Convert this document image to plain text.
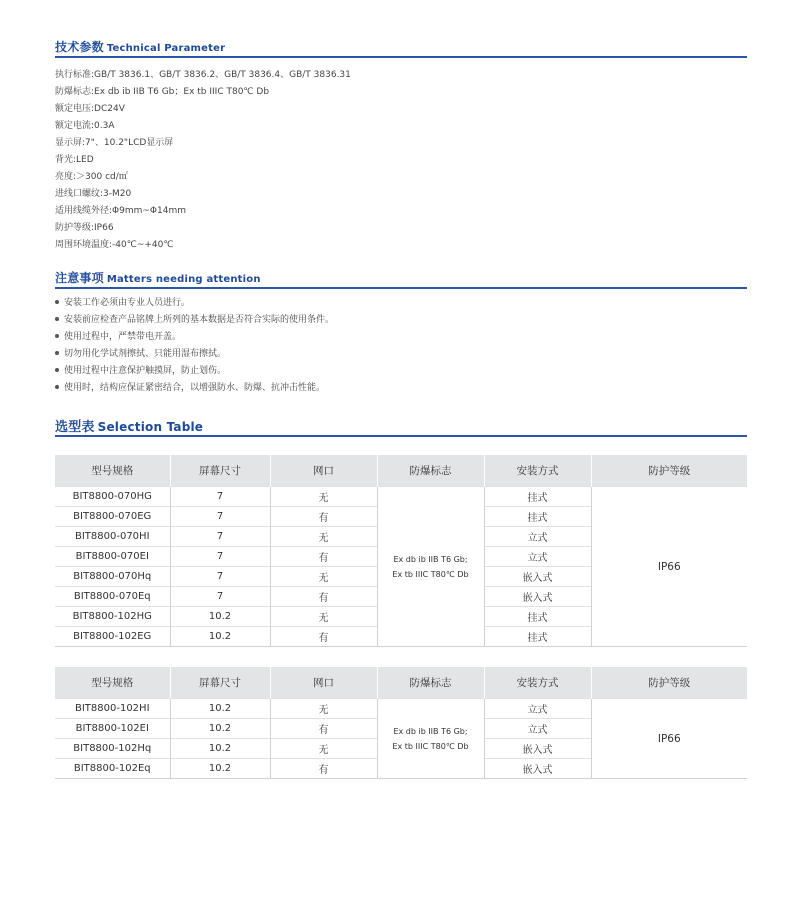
技术参数 Technical Parameter
执行标准:GB/T 3836.1、GB/T 3836.2、GB/T 3836.4、GB/T 3836.31
防爆标志:Ex db ib IIB T6 Gb；Ex tb IIIC T80℃ Db
额定电压:DC24V
额定电流:0.3A
显示屏:7"、10.2"LCD显示屏
背光:LED
亮度:＞300 cd/㎡
进线口螺纹:3-M20
适用线缆外径:Φ9mm~Φ14mm
防护等级:IP66
周围环境温度:-40℃~+40℃
注意事项 Matters needing attention
安装工作必须由专业人员进行。
安装前应检查产品铭牌上所列的基本数据是否符合实际的使用条件。
使用过程中，严禁带电开盖。
切勿用化学试剂擦拭、只能用湿布擦拭。
使用过程中注意保护触摸屏，防止划伤。
使用时，结构应保证紧密结合，以增强防水、防爆、抗冲击性能。
选型表 Selection Table
型号规格	屏幕尺寸	网口	防爆标志	安装方式	防护等级
BIT8800-070HG	7	无	Ex db ib IIB T6 Gb;
Ex tb IIIC T80℃ Db	挂式	IP66
BIT8800-070EG	7	有		挂式	
BIT8800-070HI	7	无		立式	
BIT8800-070EI	7	有		立式	
BIT8800-070Hq	7	无		嵌入式	
BIT8800-070Eq	7	有		嵌入式	
BIT8800-102HG	10.2	无		挂式	
BIT8800-102EG	10.2	有		挂式	
型号规格	屏幕尺寸	网口	防爆标志	安装方式	防护等级
BIT8800-102HI	10.2	无	Ex db ib IIB T6 Gb;
Ex tb IIIC T80℃ Db	立式	IP66
BIT8800-102EI	10.2	有		立式	
BIT8800-102Hq	10.2	无		嵌入式	
BIT8800-102Eq	10.2	有		嵌入式	
